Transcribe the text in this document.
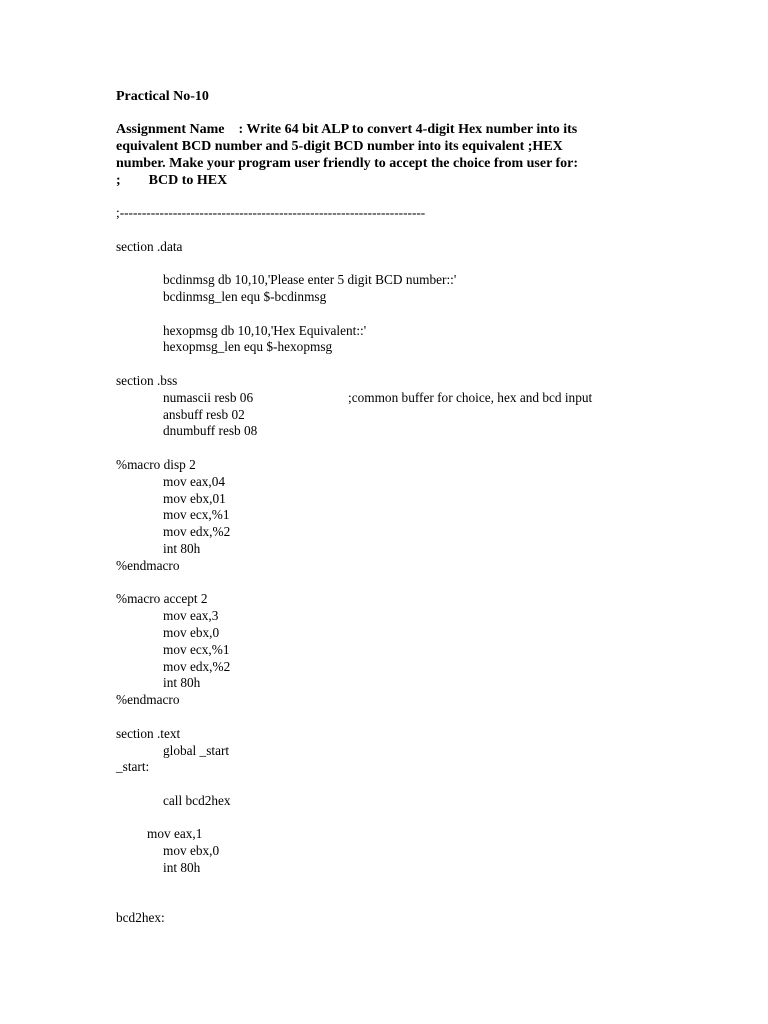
Practical No-10
Assignment Name    : Write 64 bit ALP to convert 4-digit Hex number into its
equivalent BCD number and 5-digit BCD number into its equivalent ;HEX
number. Make your program user friendly to accept the choice from user for:
;        BCD to HEX
;---------------------------------------------------------------------
section .data
bcdinmsg db 10,10,'Please enter 5 digit BCD number::'
bcdinmsg_len equ $-bcdinmsg
hexopmsg db 10,10,'Hex Equivalent::'
hexopmsg_len equ $-hexopmsg
section .bss
numascii resb 06	;common buffer for choice, hex and bcd input
ansbuff resb 02
dnumbuff resb 08
%macro disp 2
mov eax,04
mov ebx,01
mov ecx,%1
mov edx,%2
int 80h
%endmacro
%macro accept 2
mov eax,3
mov ebx,0
mov ecx,%1
mov edx,%2
int 80h
%endmacro
section .text
global _start
_start:
call bcd2hex
mov eax,1
mov ebx,0
int 80h
bcd2hex:
